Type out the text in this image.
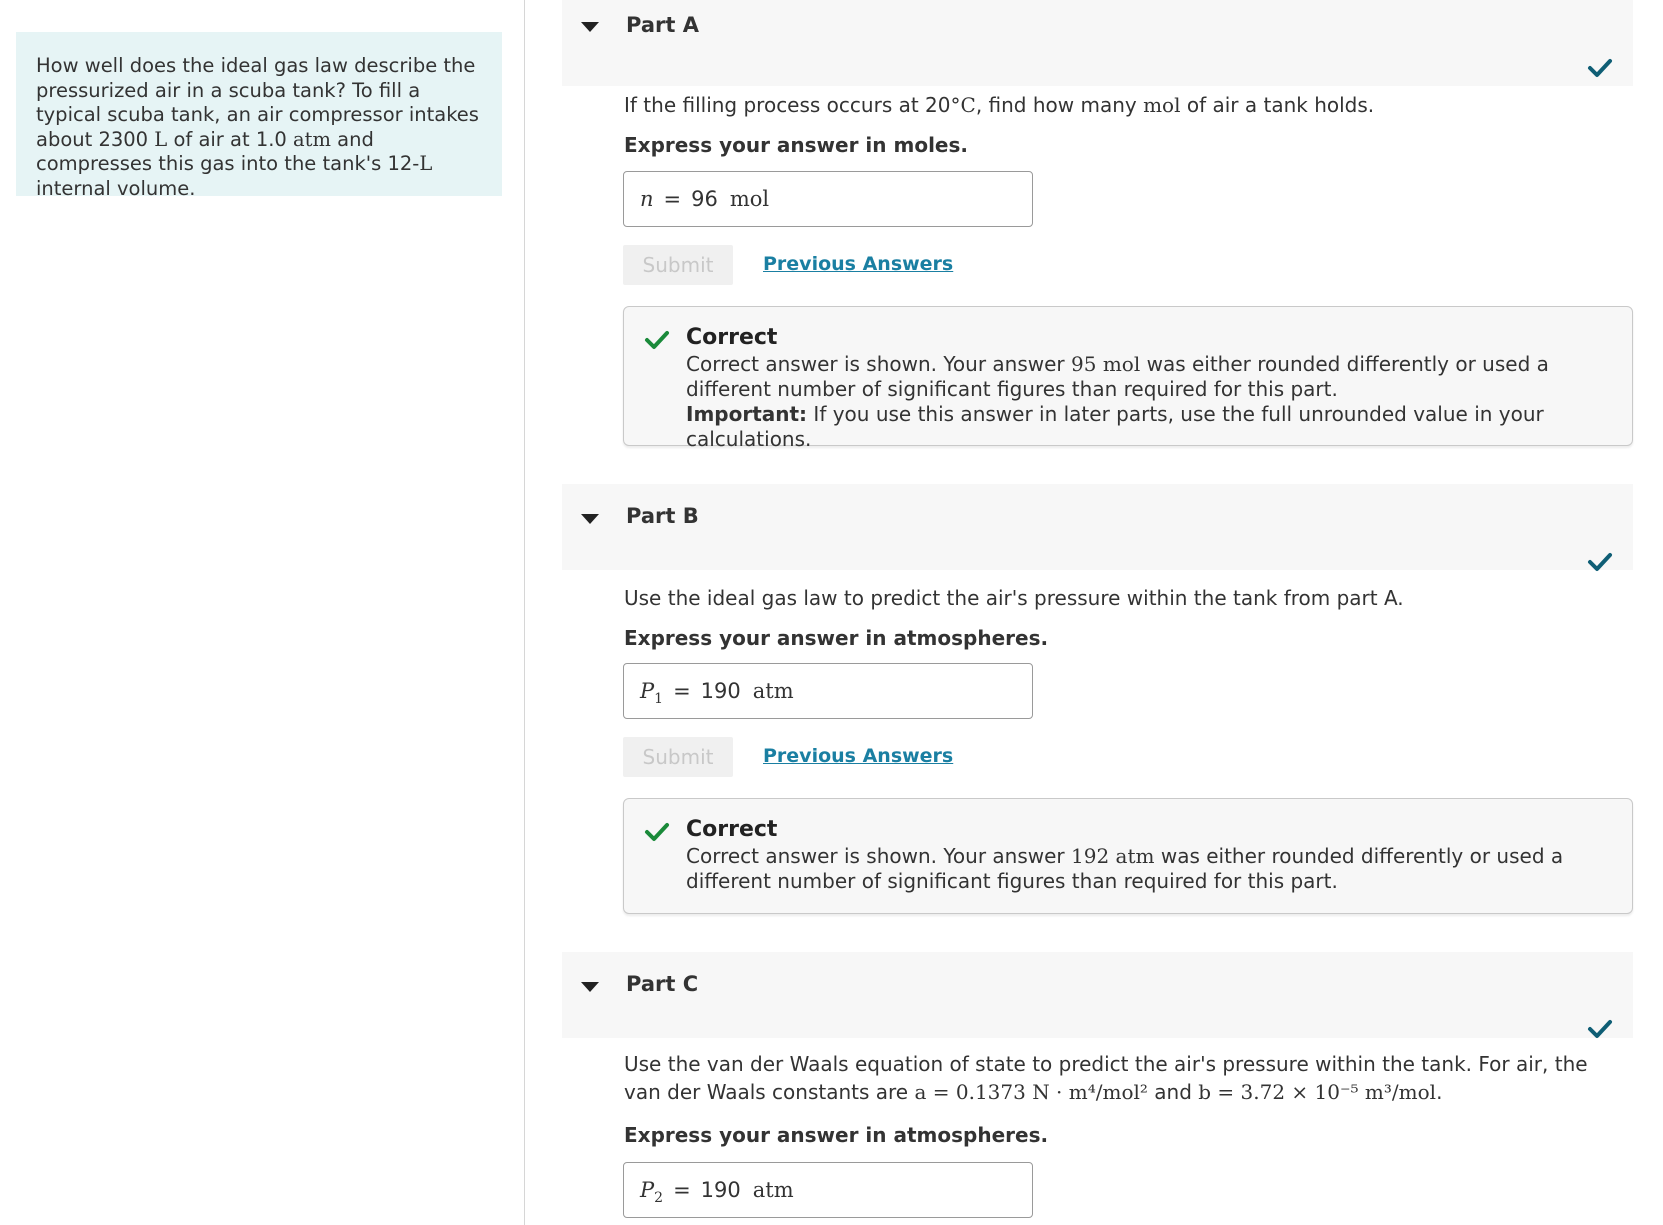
How well does the ideal gas law describe the pressurized air in a scuba tank? To fill a typical scuba tank, an air compressor intakes about 2300 L of air at 1.0 atm and compresses this gas into the tank's 12-L internal volume.
Part A
If the filling process occurs at 20°C, find how many mol of air a tank holds.
Express your answer in moles.
n = 96 mol
Submit	Previous Answers
Correct
Correct answer is shown. Your answer 95 mol was either rounded differently or used a different number of significant figures than required for this part.
Important: If you use this answer in later parts, use the full unrounded value in your calculations.
Part B
Use the ideal gas law to predict the air's pressure within the tank from part A.
Express your answer in atmospheres.
$P_1 = 190$ atm
Submit	Previous Answers
Correct
Correct answer is shown. Your answer 192 atm was either rounded differently or used a different number of significant figures than required for this part.
Part C
Use the van der Waals equation of state to predict the air's pressure within the tank. For air, the van der Waals constants are a = 0.1373 N · m⁴/mol² and b = 3.72 × 10⁻⁵ m³/mol.
Express your answer in atmospheres.
$P_2 = 190$ atm
